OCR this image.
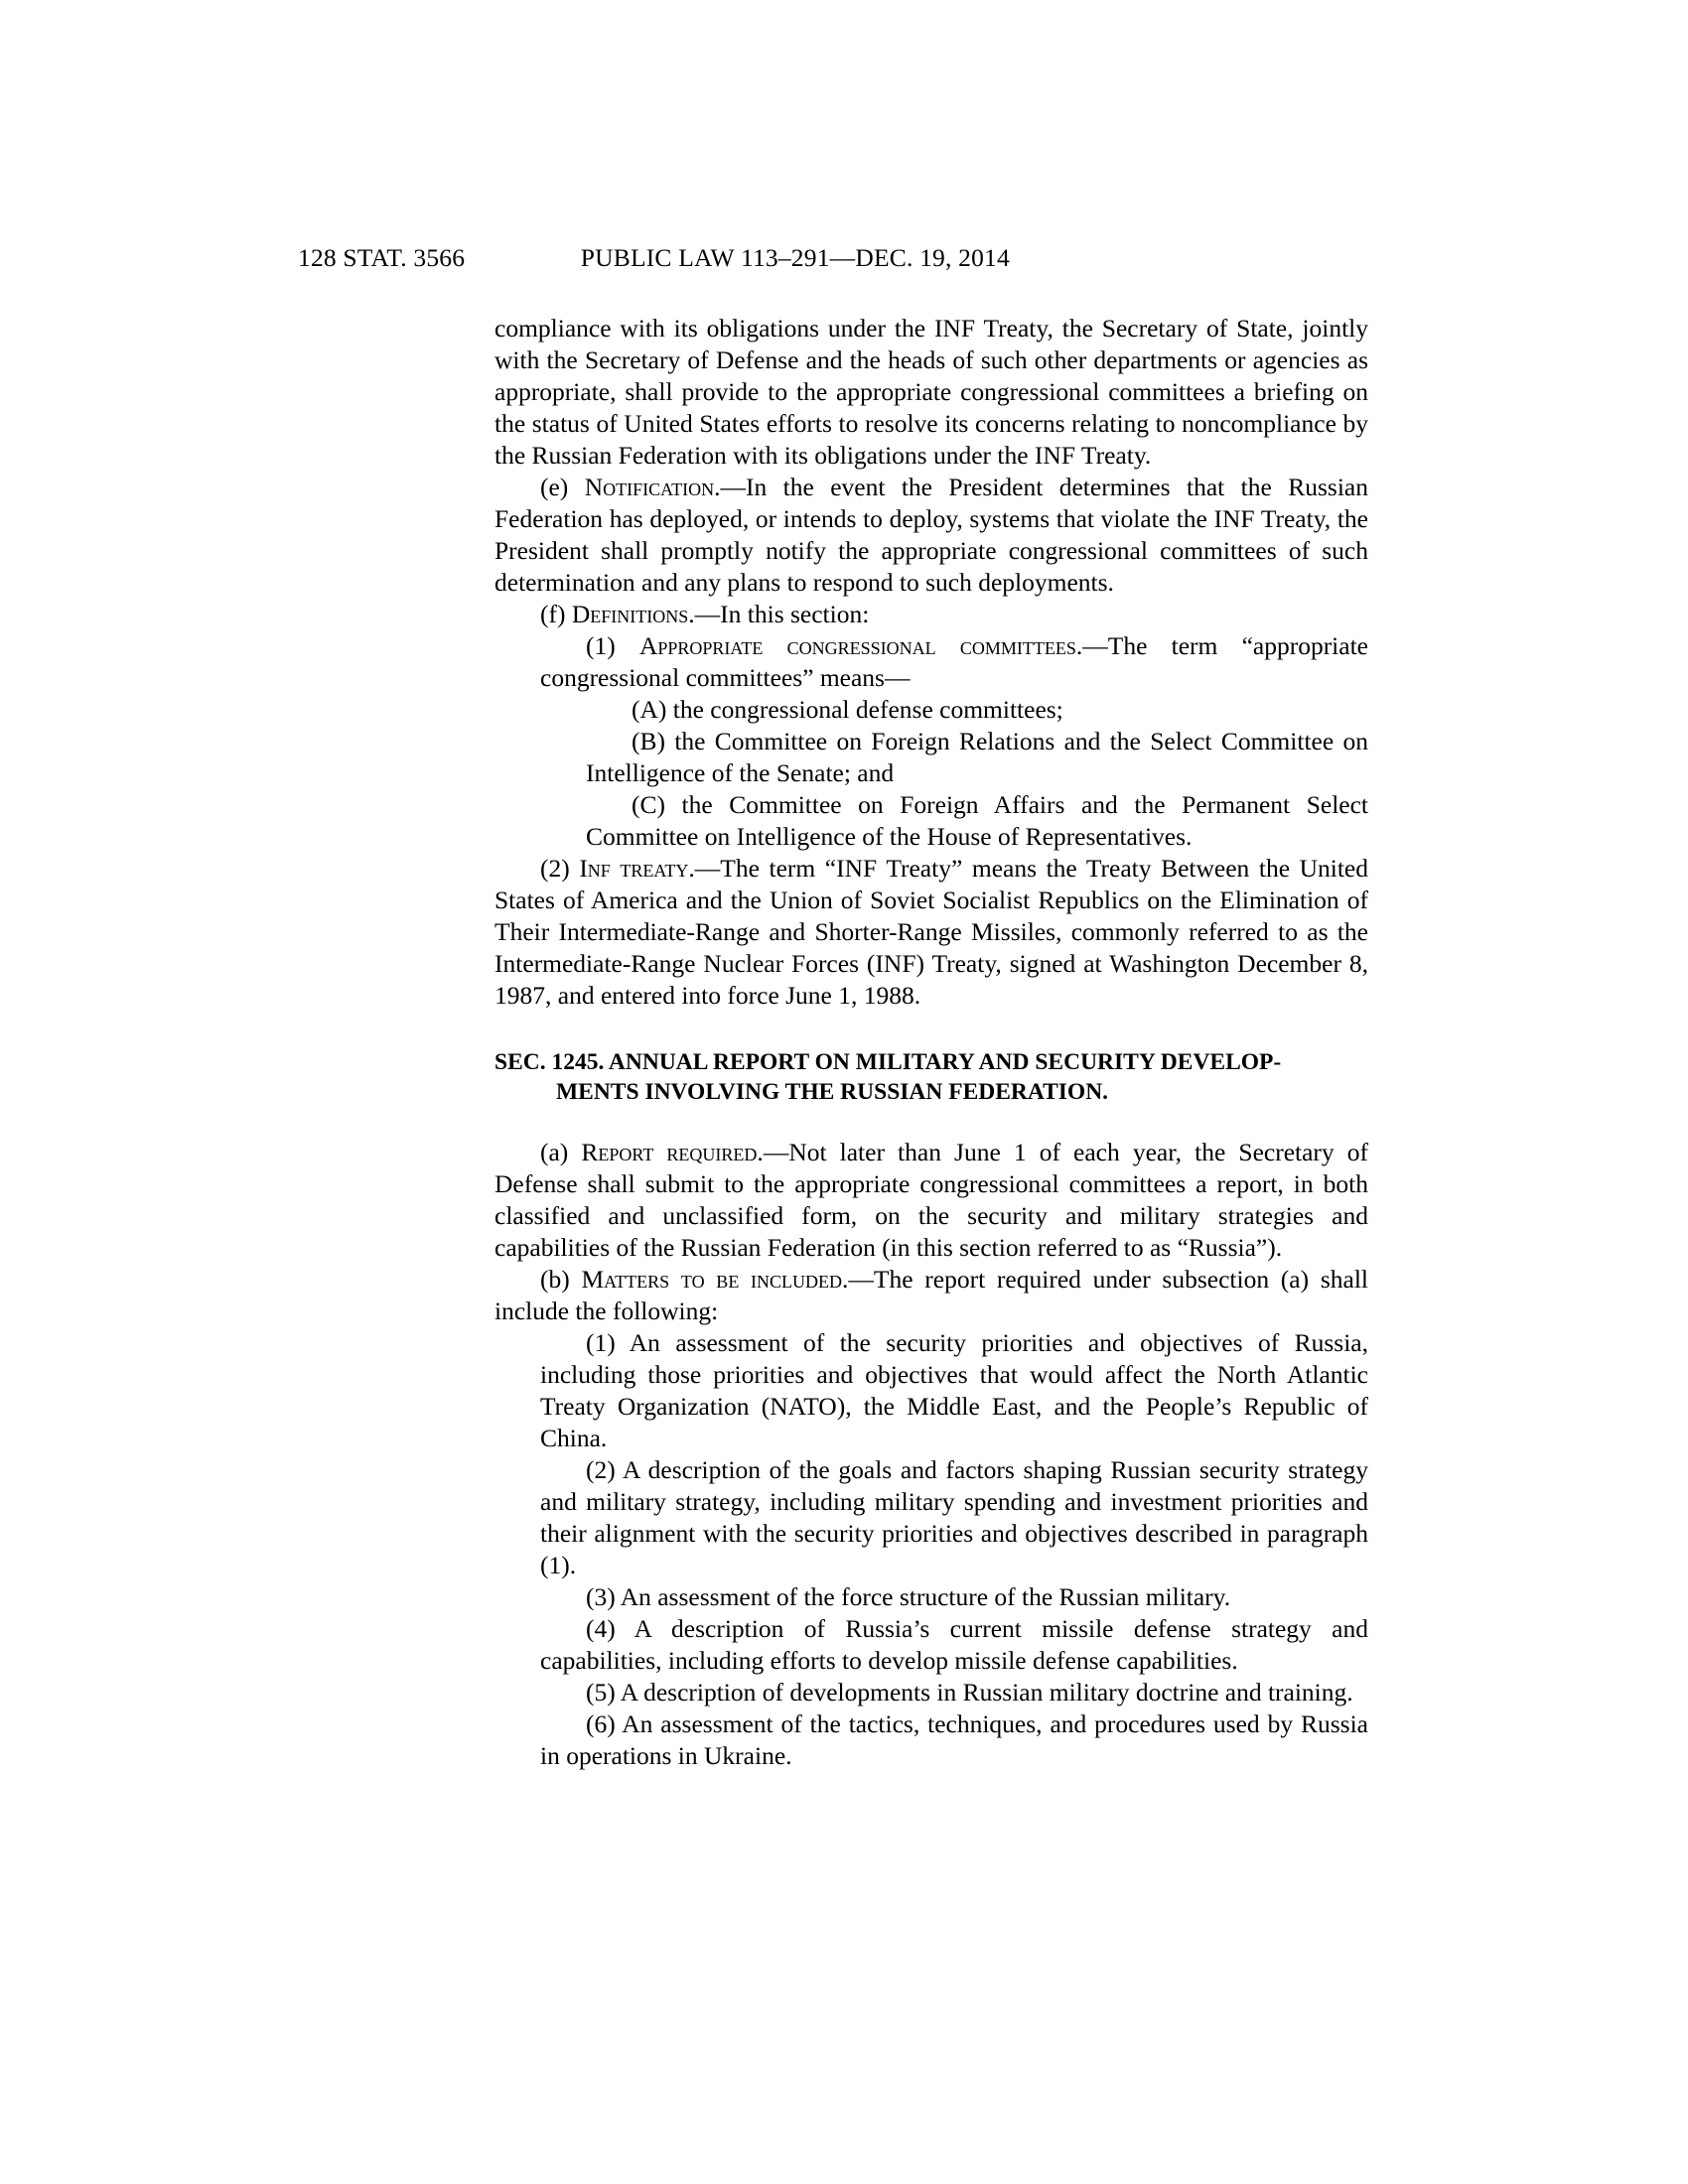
128 STAT. 3566	PUBLIC LAW 113–291—DEC. 19, 2014

compliance with its obligations under the INF Treaty, the Secretary of State, jointly with the Secretary of Defense and the heads of such other departments or agencies as appropriate, shall provide to the appropriate congressional committees a briefing on the status of United States efforts to resolve its concerns relating to noncompliance by the Russian Federation with its obligations under the INF Treaty.

(e) Notification.—In the event the President determines that the Russian Federation has deployed, or intends to deploy, systems that violate the INF Treaty, the President shall promptly notify the appropriate congressional committees of such determination and any plans to respond to such deployments.

(f) Definitions.—In this section:

(1) Appropriate congressional committees.—The term “appropriate congressional committees” means—

(A) the congressional defense committees;

(B) the Committee on Foreign Relations and the Select Committee on Intelligence of the Senate; and

(C) the Committee on Foreign Affairs and the Permanent Select Committee on Intelligence of the House of Representatives.

(2) Inf treaty.—The term “INF Treaty” means the Treaty Between the United States of America and the Union of Soviet Socialist Republics on the Elimination of Their Intermediate-Range and Shorter-Range Missiles, commonly referred to as the Intermediate-Range Nuclear Forces (INF) Treaty, signed at Washington December 8, 1987, and entered into force June 1, 1988.

SEC. 1245. ANNUAL REPORT ON MILITARY AND SECURITY DEVELOP-
MENTS INVOLVING THE RUSSIAN FEDERATION.

(a) Report required.—Not later than June 1 of each year, the Secretary of Defense shall submit to the appropriate congressional committees a report, in both classified and unclassified form, on the security and military strategies and capabilities of the Russian Federation (in this section referred to as “Russia”).

(b) Matters to be included.—The report required under subsection (a) shall include the following:

(1) An assessment of the security priorities and objectives of Russia, including those priorities and objectives that would affect the North Atlantic Treaty Organization (NATO), the Middle East, and the People’s Republic of China.

(2) A description of the goals and factors shaping Russian security strategy and military strategy, including military spending and investment priorities and their alignment with the security priorities and objectives described in paragraph (1).

(3) An assessment of the force structure of the Russian military.

(4) A description of Russia’s current missile defense strategy and capabilities, including efforts to develop missile defense capabilities.

(5) A description of developments in Russian military doctrine and training.

(6) An assessment of the tactics, techniques, and procedures used by Russia in operations in Ukraine.
